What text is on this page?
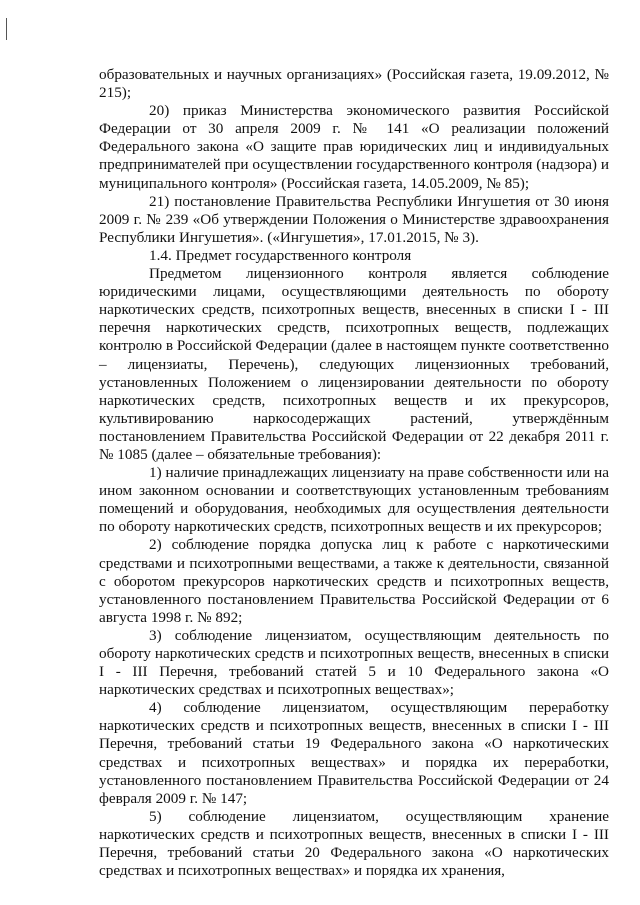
образовательных и научных организациях» (Российская газета, 19.09.2012, № 215);

20) приказ Министерства экономического развития Российской Федерации от 30 апреля 2009 г. № 141 «О реализации положений Федерального закона «О защите прав юридических лиц и индивидуальных предпринимателей при осуществлении государственного контроля (надзора) и муниципального контроля» (Российская газета, 14.05.2009, № 85);

21) постановление Правительства Республики Ингушетия от 30 июня 2009 г. № 239 «Об утверждении Положения о Министерстве здравоохранения Республики Ингушетия». («Ингушетия», 17.01.2015, № 3).

1.4. Предмет государственного контроля

Предметом лицензионного контроля является соблюдение юридическими лицами, осуществляющими деятельность по обороту наркотических средств, психотропных веществ, внесенных в списки I - III перечня наркотических средств, психотропных веществ, подлежащих контролю в Российской Федерации (далее в настоящем пункте соответственно – лицензиаты, Перечень), следующих лицензионных требований, установленных Положением о лицензировании деятельности по обороту наркотических средств, психотропных веществ и их прекурсоров, культивированию наркосодержащих растений, утверждённым постановлением Правительства Российской Федерации от 22 декабря 2011 г. № 1085 (далее – обязательные требования):

1) наличие принадлежащих лицензиату на праве собственности или на ином законном основании и соответствующих установленным требованиям помещений и оборудования, необходимых для осуществления деятельности по обороту наркотических средств, психотропных веществ и их прекурсоров;

2) соблюдение порядка допуска лиц к работе с наркотическими средствами и психотропными веществами, а также к деятельности, связанной с оборотом прекурсоров наркотических средств и психотропных веществ, установленного постановлением Правительства Российской Федерации от 6 августа 1998 г. № 892;

3) соблюдение лицензиатом, осуществляющим деятельность по обороту наркотических средств и психотропных веществ, внесенных в списки I - III Перечня, требований статей 5 и 10 Федерального закона «О наркотических средствах и психотропных веществах»;

4) соблюдение лицензиатом, осуществляющим переработку наркотических средств и психотропных веществ, внесенных в списки I - III Перечня, требований статьи 19 Федерального закона «О наркотических средствах и психотропных веществах» и порядка их переработки, установленного постановлением Правительства Российской Федерации от 24 февраля 2009 г. № 147;

5) соблюдение лицензиатом, осуществляющим хранение наркотических средств и психотропных веществ, внесенных в списки I - III Перечня, требований статьи 20 Федерального закона «О наркотических средствах и психотропных веществах» и порядка их хранения,
